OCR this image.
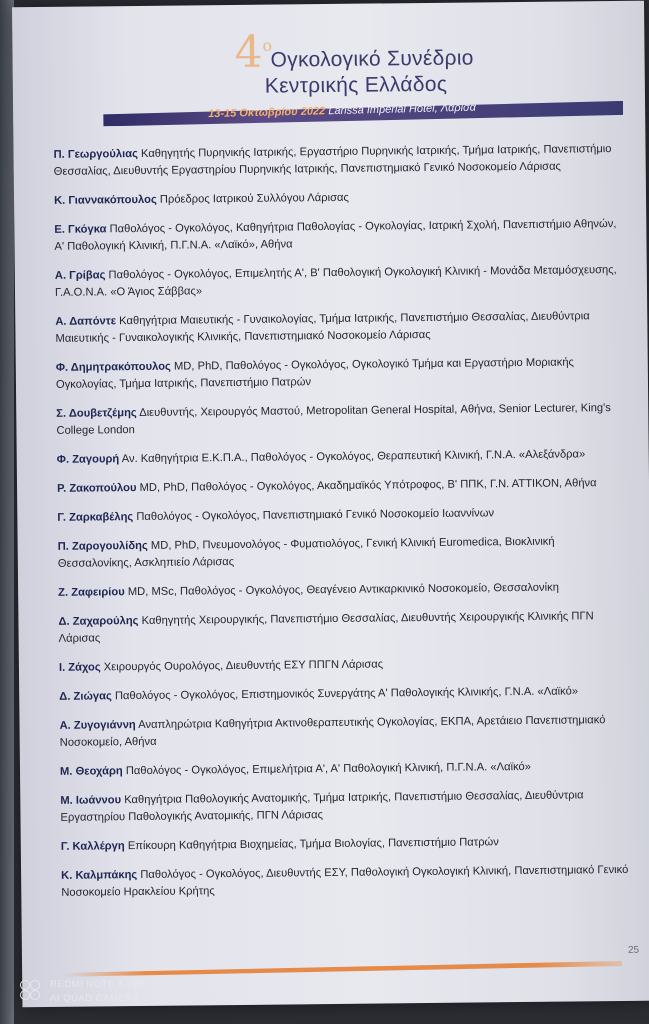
$4^o$
Ογκολογικό Συνέδριο
Κεντρικής Ελλάδος
13-15 Οκτωβρίου 2022 Larissa Imperial Hotel, Λάρισα
Π. Γεωργούλιας Καθηγητής Πυρηνικής Ιατρικής, Εργαστήριο Πυρηνικής Ιατρικής, Τμήμα Ιατρικής, Πανεπιστήμιο Θεσσαλίας, Διευθυντής Εργαστηρίου Πυρηνικής Ιατρικής, Πανεπιστημιακό Γενικό Νοσοκομείο Λάρισας
Κ. Γιαννακόπουλος Πρόεδρος Ιατρικού Συλλόγου Λάρισας
Ε. Γκόγκα Παθολόγος - Ογκολόγος, Καθηγήτρια Παθολογίας - Ογκολογίας, Ιατρική Σχολή, Πανεπιστήμιο Αθηνών, Α' Παθολογική Κλινική, Π.Γ.Ν.Α. «Λαϊκό», Αθήνα
Α. Γρίβας Παθολόγος - Ογκολόγος, Επιμελητής Α', Β' Παθολογική Ογκολογική Κλινική - Μονάδα Μεταμόσχευσης, Γ.Α.Ο.Ν.Α. «Ο Άγιος Σάββας»
Α. Δαπόντε Καθηγήτρια Μαιευτικής - Γυναικολογίας, Τμήμα Ιατρικής, Πανεπιστήμιο Θεσσαλίας, Διευθύντρια Μαιευτικής - Γυναικολογικής Κλινικής, Πανεπιστημιακό Νοσοκομείο Λάρισας
Φ. Δημητρακόπουλος MD, PhD, Παθολόγος - Ογκολόγος, Ογκολογικό Τμήμα και Εργαστήριο Μοριακής Ογκολογίας, Τμήμα Ιατρικής, Πανεπιστήμιο Πατρών
Σ. Δουβετζέμης Διευθυντής, Χειρουργός Μαστού, Metropolitan General Hospital, Αθήνα, Senior Lecturer, King's College London
Φ. Ζαγουρή Αν. Καθηγήτρια Ε.Κ.Π.Α., Παθολόγος - Ογκολόγος, Θεραπευτική Κλινική, Γ.Ν.Α. «Αλεξάνδρα»
Ρ. Ζακοπούλου MD, PhD, Παθολόγος - Ογκολόγος, Ακαδημαϊκός Υπότροφος, Β' ΠΠΚ, Γ.Ν. ΑΤΤΙΚΟΝ, Αθήνα
Γ. Ζαρκαβέλης Παθολόγος - Ογκολόγος, Πανεπιστημιακό Γενικό Νοσοκομείο Ιωαννίνων
Π. Ζαρογουλίδης MD, PhD, Πνευμονολόγος - Φυματιολόγος, Γενική Κλινική Euromedica, Βιοκλινική Θεσσαλονίκης, Ασκληπιείο Λάρισας
Ζ. Ζαφειρίου MD, MSc, Παθολόγος - Ογκολόγος, Θεαγένειο Αντικαρκινικό Νοσοκομείο, Θεσσαλονίκη
Δ. Ζαχαρούλης Καθηγητής Χειρουργικής, Πανεπιστήμιο Θεσσαλίας, Διευθυντής Χειρουργικής Κλινικής ΠΓΝ Λάρισας
Ι. Ζάχος Χειρουργός Ουρολόγος, Διευθυντής ΕΣΥ ΠΠΓΝ Λάρισας
Δ. Ζιώγας Παθολόγος - Ογκολόγος, Επιστημονικός Συνεργάτης Α' Παθολογικής Κλινικής, Γ.Ν.Α. «Λαϊκό»
Α. Ζυγογιάννη Αναπληρώτρια Καθηγήτρια Ακτινοθεραπευτικής Ογκολογίας, ΕΚΠΑ, Αρετάιειο Πανεπιστημιακό Νοσοκομείο, Αθήνα
Μ. Θεοχάρη Παθολόγος - Ογκολόγος, Επιμελήτρια Α', Α' Παθολογική Κλινική, Π.Γ.Ν.Α. «Λαϊκό»
Μ. Ιωάννου Καθηγήτρια Παθολογικής Ανατομικής, Τμήμα Ιατρικής, Πανεπιστήμιο Θεσσαλίας, Διευθύντρια Εργαστηρίου Παθολογικής Ανατομικής, ΠΓΝ Λάρισας
Γ. Καλλέργη Επίκουρη Καθηγήτρια Βιοχημείας, Τμήμα Βιολογίας, Πανεπιστήμιο Πατρών
Κ. Καλμπάκης Παθολόγος - Ογκολόγος, Διευθυντής ΕΣΥ, Παθολογική Ογκολογική Κλινική, Πανεπιστημιακό Γενικό Νοσοκομείο Ηρακλείου Κρήτης
25
REDMI NOTE 8 PRO
AI QUAD CAMERA
